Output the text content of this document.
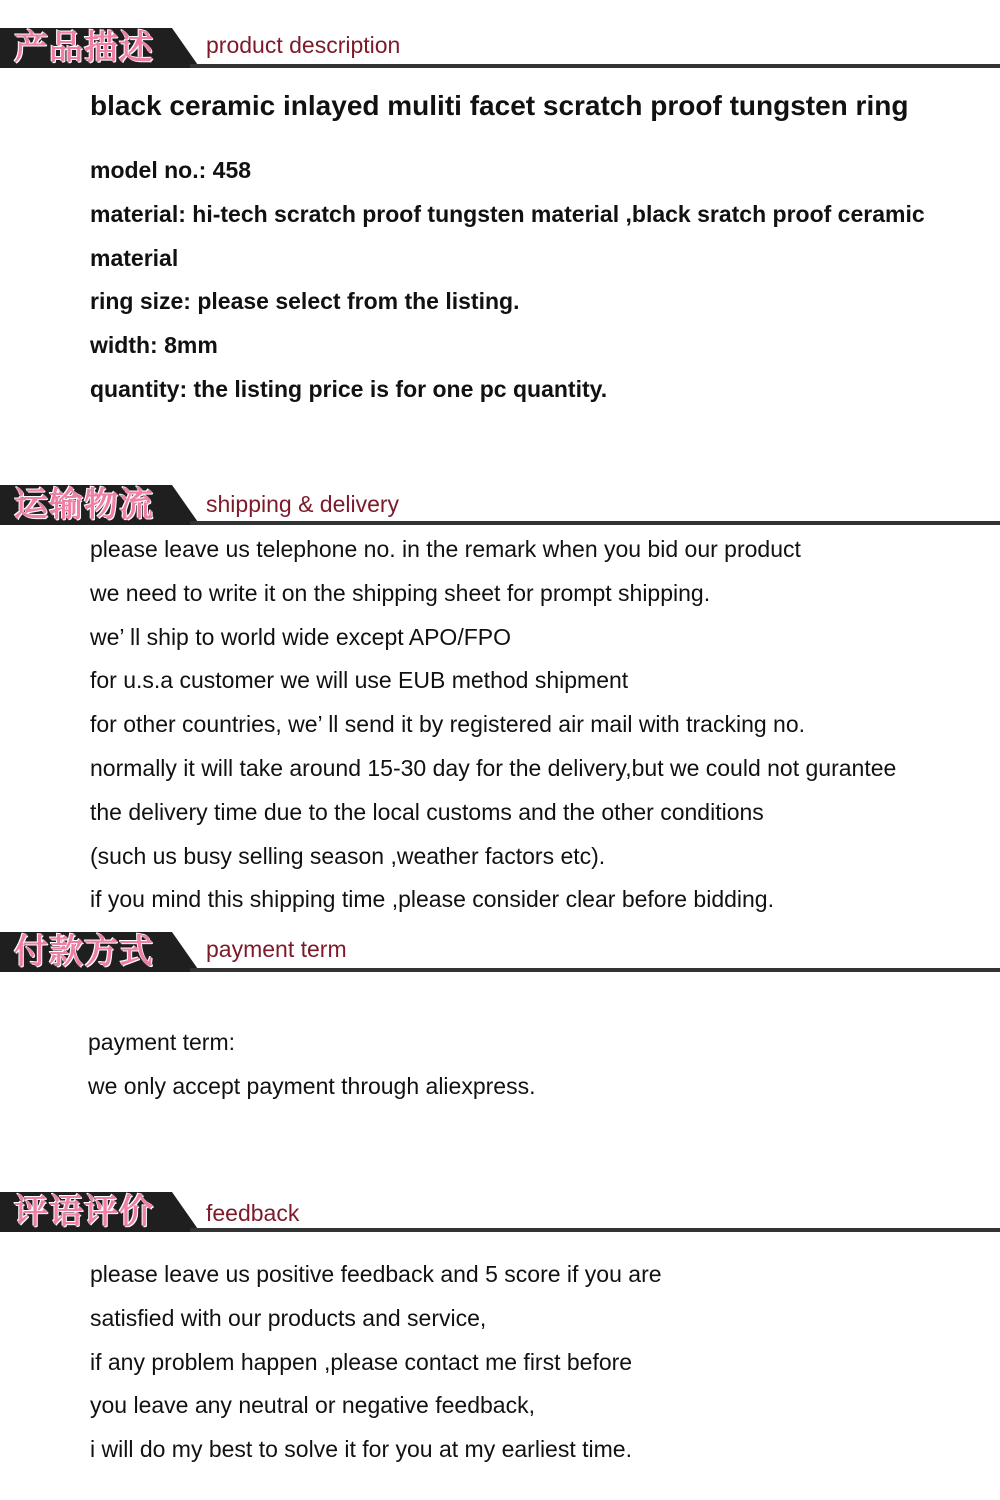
产品描述 product description
black ceramic inlayed muliti facet scratch proof tungsten ring
model no.: 458
material: hi-tech scratch proof tungsten material ,black sratch proof ceramic
material
ring size: please select from the listing.
width: 8mm
quantity: the listing price is for one pc quantity.
运输物流 shipping & delivery
please leave us telephone no. in the remark when you bid our product
we need to write it on the shipping sheet for prompt shipping.
we’ ll ship to world wide except APO/FPO
for u.s.a customer we will use EUB method shipment
for other countries, we’ ll send it by registered air mail with tracking no.
normally it will take around 15-30 day for the delivery,but we could not gurantee
the delivery time due to the local customs and the other conditions
(such us busy selling season ,weather factors etc).
if you mind this shipping time ,please consider clear before bidding.
付款方式 payment term
payment term:
we only accept payment through aliexpress.
评语评价 feedback
please leave us positive feedback and 5 score if you are
satisfied with our products and service,
if any problem happen ,please contact me first before
you leave any neutral or negative feedback,
i will do my best to solve it for you at my earliest time.
